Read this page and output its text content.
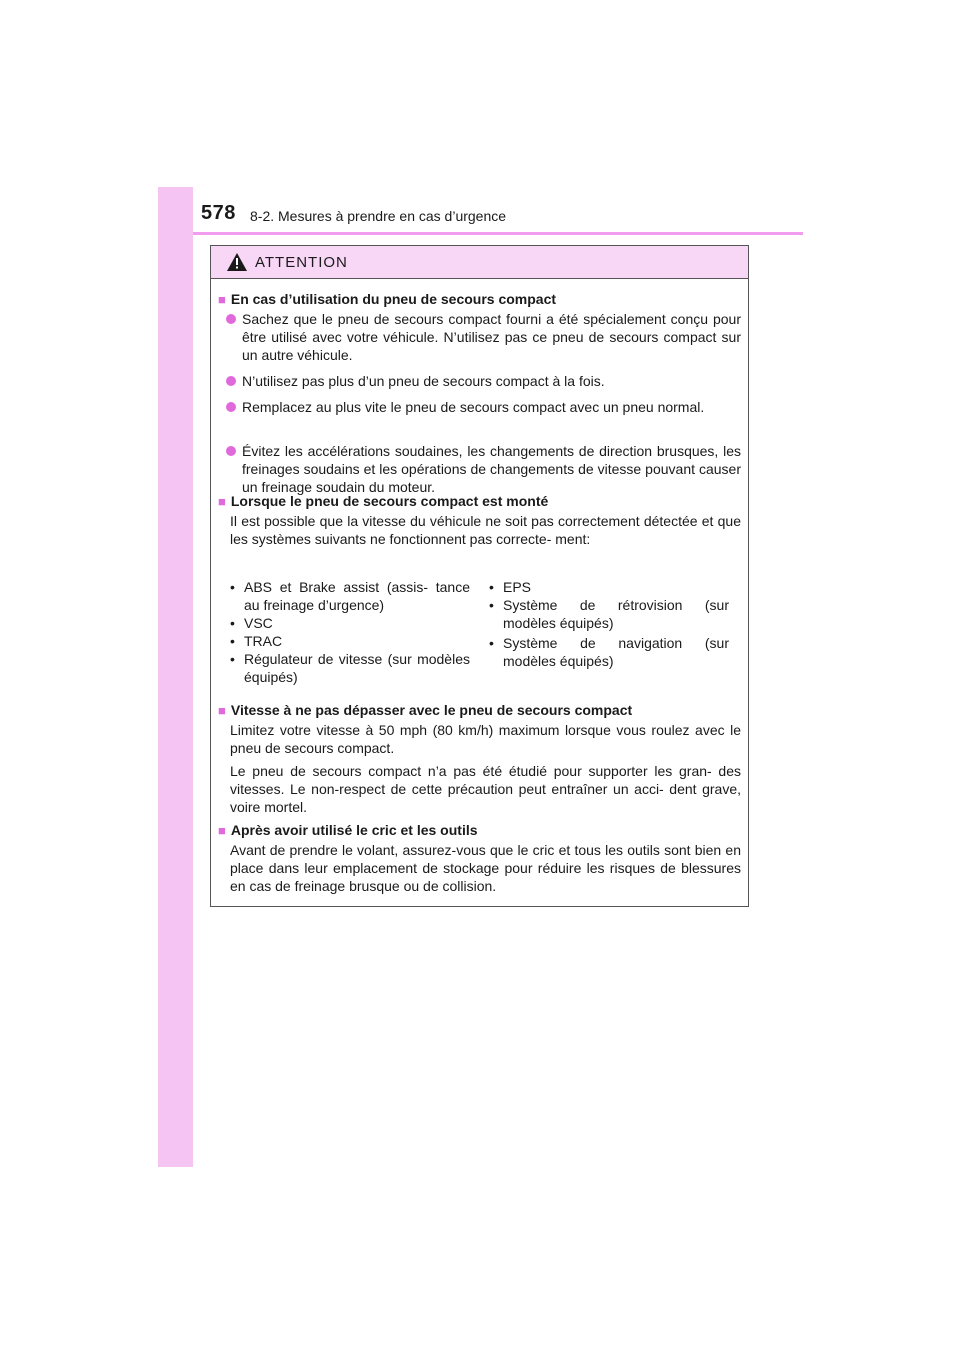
578 8-2. Mesures à prendre en cas d’urgence
ATTENTION
■ En cas d’utilisation du pneu de secours compact
Sachez que le pneu de secours compact fourni a été spécialement conçu pour être utilisé avec votre véhicule. N’utilisez pas ce pneu de secours compact sur un autre véhicule.
N’utilisez pas plus d’un pneu de secours compact à la fois.
Remplacez au plus vite le pneu de secours compact avec un pneu normal.
Évitez les accélérations soudaines, les changements de direction brusques, les freinages soudains et les opérations de changements de vitesse pouvant causer un freinage soudain du moteur.
■ Lorsque le pneu de secours compact est monté
Il est possible que la vitesse du véhicule ne soit pas correctement détectée et que les systèmes suivants ne fonctionnent pas correcte- ment:
• ABS et Brake assist (assis- tance au freinage d’urgence)
• VSC
• TRAC
• Régulateur de vitesse (sur modèles équipés)
• EPS
• Système de rétrovision (sur modèles équipés)
• Système de navigation (sur modèles équipés)
■ Vitesse à ne pas dépasser avec le pneu de secours compact
Limitez votre vitesse à 50 mph (80 km/h) maximum lorsque vous roulez avec le pneu de secours compact.
Le pneu de secours compact n’a pas été étudié pour supporter les gran- des vitesses. Le non-respect de cette précaution peut entraîner un acci- dent grave, voire mortel.
■ Après avoir utilisé le cric et les outils
Avant de prendre le volant, assurez-vous que le cric et tous les outils sont bien en place dans leur emplacement de stockage pour réduire les risques de blessures en cas de freinage brusque ou de collision.
